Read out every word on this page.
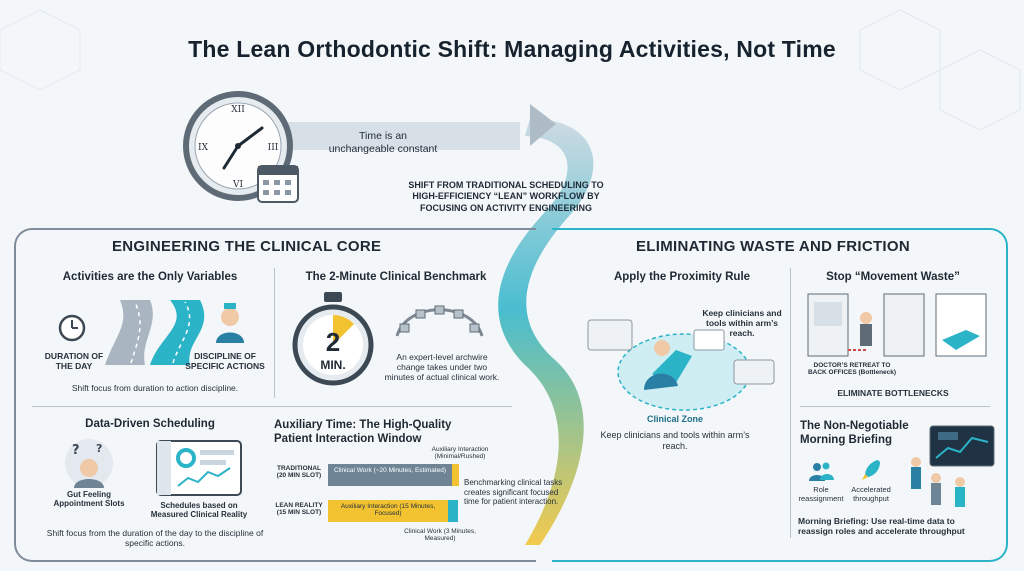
The Lean Orthodontic Shift: Managing Activities, Not Time
XII
III
VI
IX
Time is an unchangeable constant
SHIFT FROM TRADITIONAL SCHEDULING TO HIGH-EFFICIENCY “LEAN” WORKFLOW BY FOCUSING ON ACTIVITY ENGINEERING
ENGINEERING THE CLINICAL CORE
Activities are the Only Variables
DURATION OF THE DAY
DISCIPLINE OF SPECIFIC ACTIONS
Shift focus from duration to action discipline.
The 2-Minute Clinical Benchmark
2
MIN.
An expert-level archwire change takes under two minutes of actual clinical work.
Data-Driven Scheduling
? ?
Gut Feeling Appointment Slots	Schedules based on Measured Clinical Reality
Shift focus from the duration of the day to the discipline of specific actions.
Auxiliary Time: The High-Quality Patient Interaction Window
Auxiliary Interaction (Minimal/Rushed)
TRADITIONAL (20 MIN SLOT)
Clinical Work (~20 Minutes, Estimated)
LEAN REALITY (15 MIN SLOT)
Auxiliary Interaction (15 Minutes, Focused)
Clinical Work (3 Minutes, Measured)
Benchmarking clinical tasks creates significant focused time for patient interaction.
ELIMINATING WASTE AND FRICTION
Apply the Proximity Rule
Keep clinicians and tools within arm’s reach.
Clinical Zone
Keep clinicians and tools within arm’s reach.
Stop “Movement Waste”
DOCTOR’S RETREAT TO BACK OFFICES (Bottleneck)
ELIMINATE BOTTLENECKS
The Non-Negotiable Morning Briefing
Role reassignment
Accelerated throughput
Morning Briefing: Use real-time data to reassign roles and accelerate throughput
